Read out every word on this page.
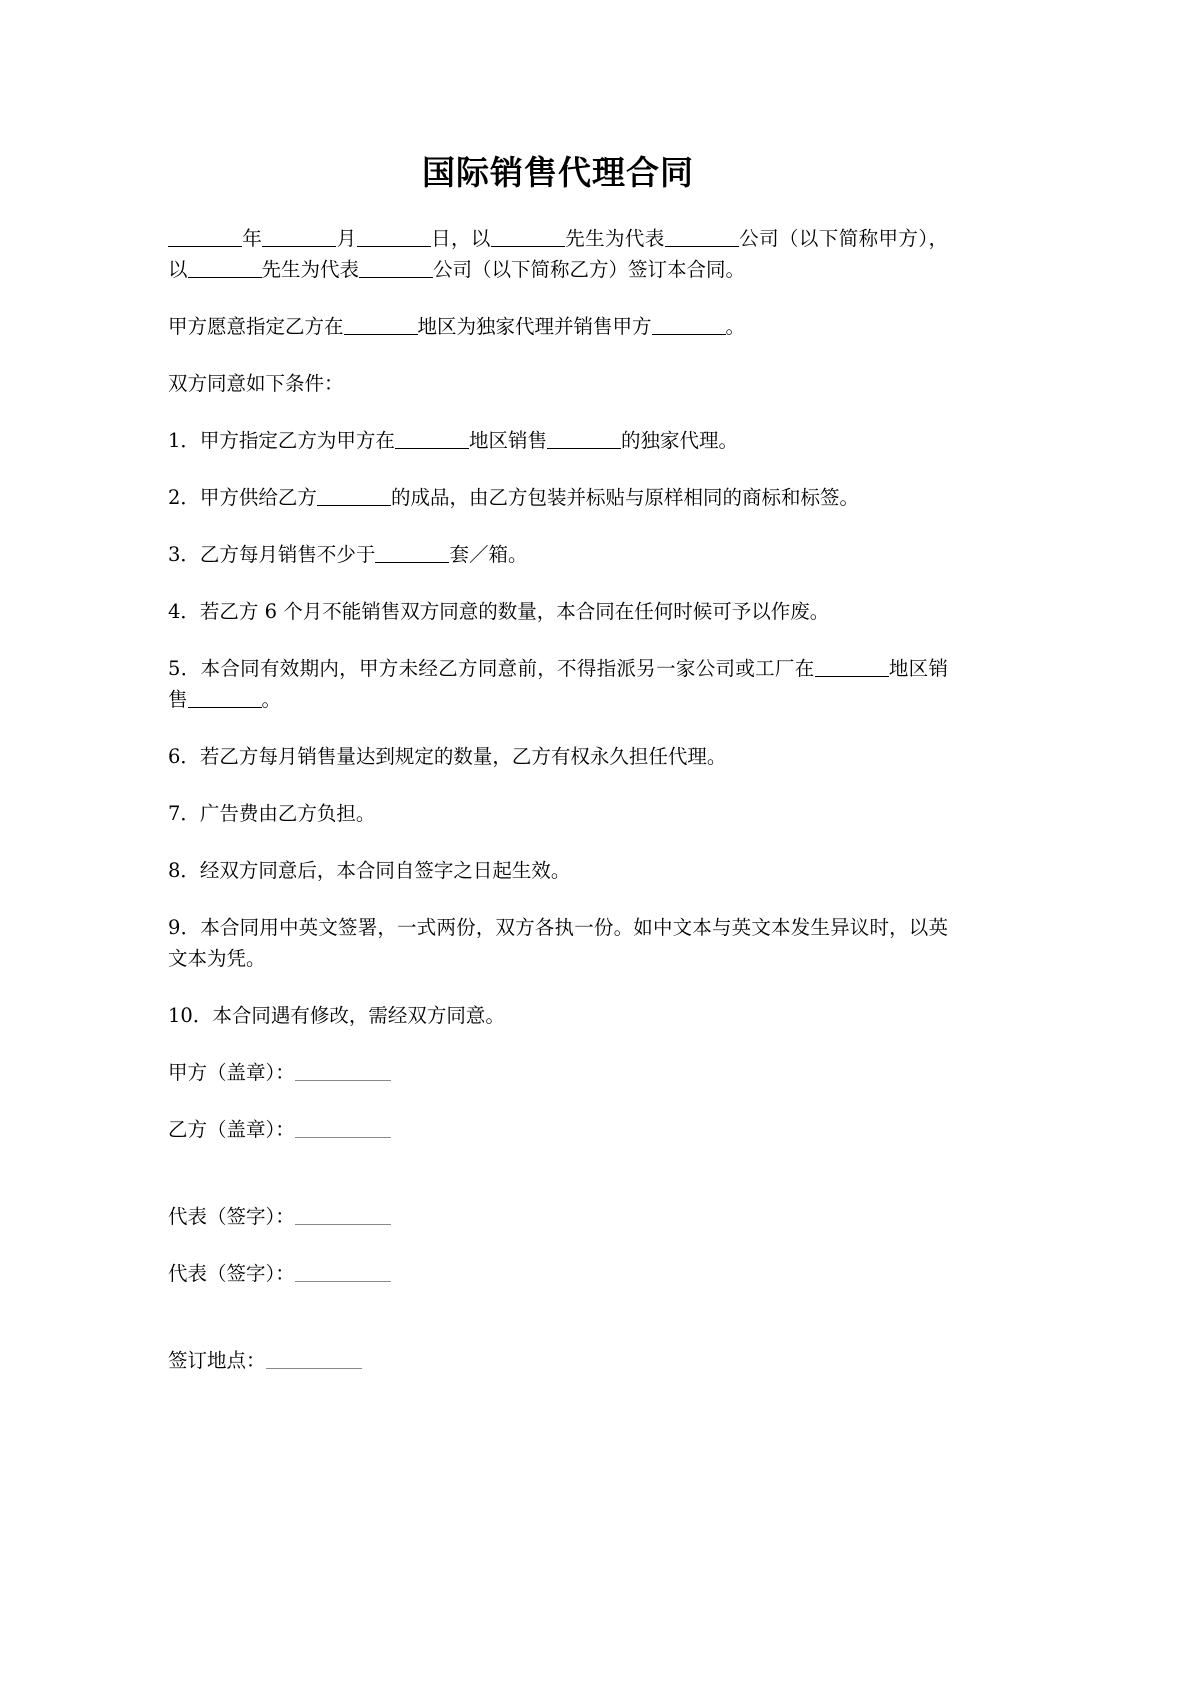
国际销售代理合同

年	月	日，以	先生为代表	公司（以下简称甲方），以	先生为代表	公司（以下简称乙方）签订本合同。

甲方愿意指定乙方在	地区为独家代理并销售甲方	。

双方同意如下条件：

1．甲方指定乙方为甲方在	地区销售	的独家代理。

2．甲方供给乙方	的成品，由乙方包装并标贴与原样相同的商标和标签。

3．乙方每月销售不少于	套／箱。

4．若乙方 6 个月不能销售双方同意的数量，本合同在任何时候可予以作废。

5．本合同有效期内，甲方未经乙方同意前，不得指派另一家公司或工厂在	地区销售	。

6．若乙方每月销售量达到规定的数量，乙方有权永久担任代理。

7．广告费由乙方负担。

8．经双方同意后，本合同自签字之日起生效。

9．本合同用中英文签署，一式两份，双方各执一份。如中文本与英文本发生异议时，以英文本为凭。

10．本合同遇有修改，需经双方同意。

甲方（盖章）：

乙方（盖章）：

代表（签字）：

代表（签字）：

签订地点：
